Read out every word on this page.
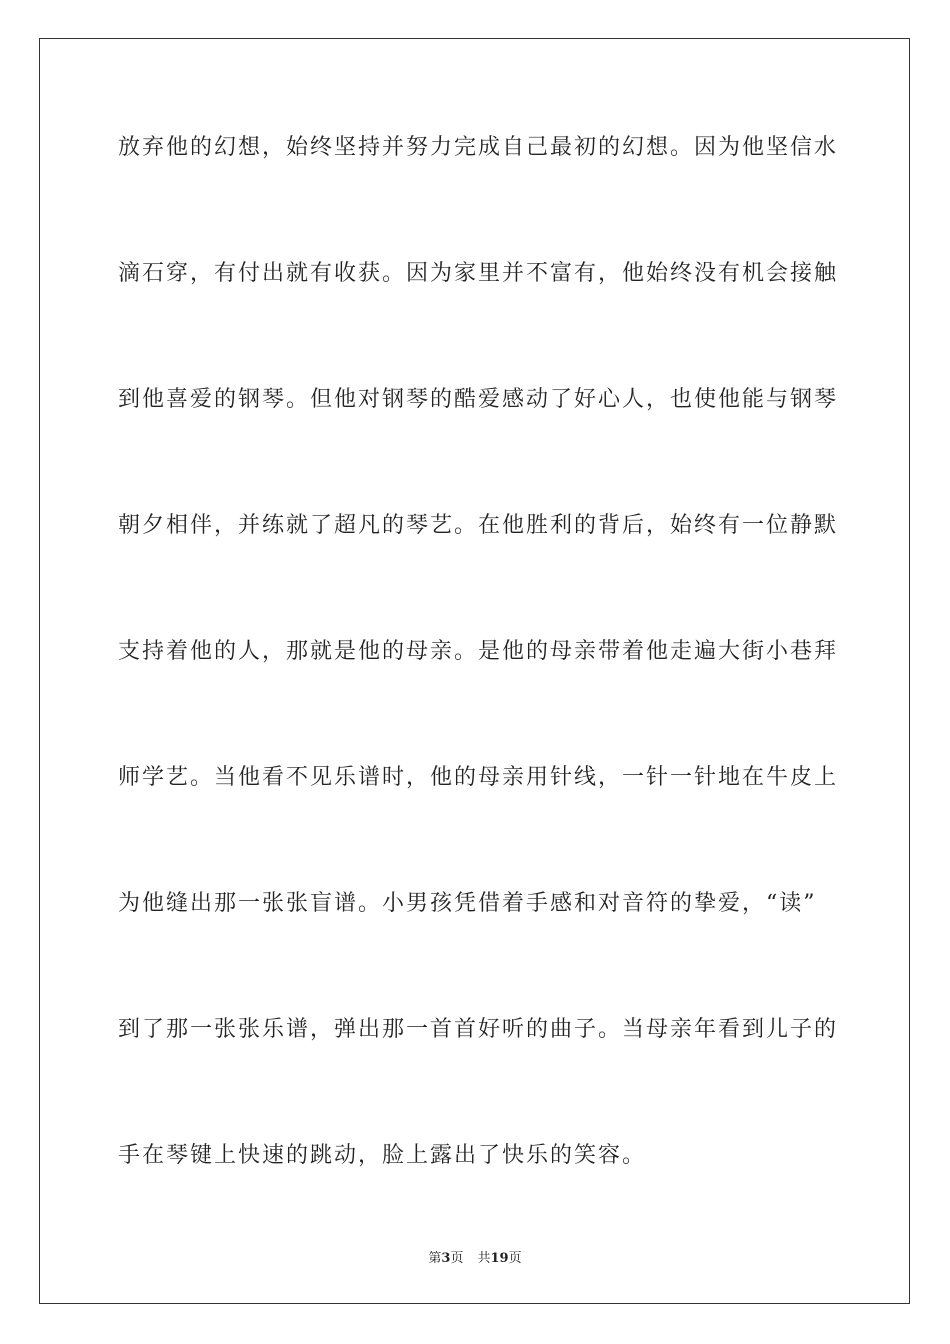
放弃他的幻想，始终坚持并努力完成自己最初的幻想。因为他坚信水
滴石穿，有付出就有收获。因为家里并不富有，他始终没有机会接触
到他喜爱的钢琴。但他对钢琴的酷爱感动了好心人，也使他能与钢琴
朝夕相伴，并练就了超凡的琴艺。在他胜利的背后，始终有一位静默
支持着他的人，那就是他的母亲。是他的母亲带着他走遍大街小巷拜
师学艺。当他看不见乐谱时，他的母亲用针线，一针一针地在牛皮上
为他缝出那一张张盲谱。小男孩凭借着手感和对音符的挚爱，“读”
到了那一张张乐谱，弹出那一首首好听的曲子。当母亲年看到儿子的
手在琴键上快速的跳动，脸上露出了快乐的笑容。
第3页 共19页
